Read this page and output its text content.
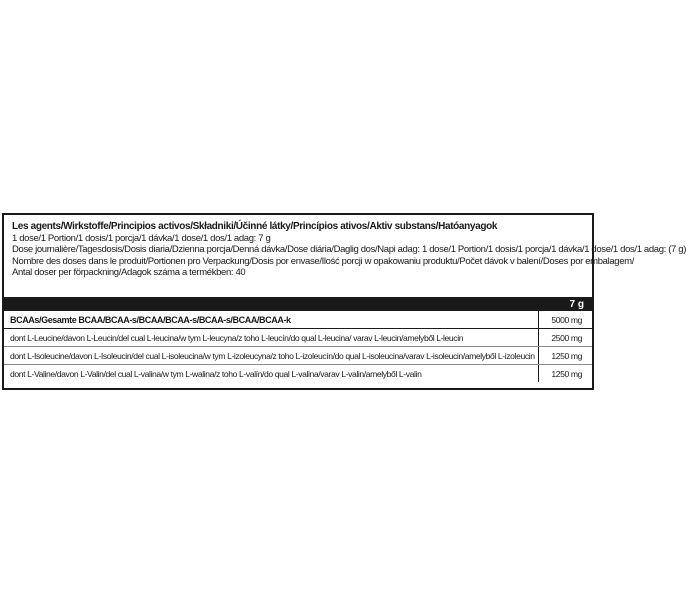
Les agents/Wirkstoffe/Principios activos/Składniki/Účinné látky/Princípios ativos/Aktiv substans/Hatóanyagok
1 dose/1 Portion/1 dosis/1 porcja/1 dávka/1 dose/1 dos/1 adag: 7 g
Dose journalière/Tagesdosis/Dosis diaria/Dzienna porcja/Denná dávka/Dose diária/Daglig dos/Napi adag: 1 dose/1 Portion/1 dosis/1 porcja/1 dávka/1 dose/1 dos/1 adag: (7 g)
Nombre des doses dans le produit/Portionen pro Verpackung/Dosis por envase/Ilość porcji w opakowaniu produktu/Počet dávok v balení/Doses por embalagem/
Antal doser per förpackning/Adagok száma a termékben: 40
7 g
BCAAs/Gesamte BCAA/BCAA-s/BCAA/BCAA-s/BCAA-s/BCAA/BCAA-k	5000 mg
dont L-Leucine/davon L-Leucin/del cual L-leucina/w tym L-leucyna/z toho L-leucín/do qual L-leucina/ varav L-leucin/amelyből L-leucin	2500 mg
dont L-Isoleucine/davon L-Isoleucin/del cual L-isoleucina/w tym L-izoleucyna/z toho L-izoleucín/do qual L-isoleucina/varav L-isoleucin/amelyből L-izoleucin	1250 mg
dont L-Valine/davon L-Valin/del cual L-valina/w tym L-walina/z toho L-valín/do qual L-valina/varav L-valin/amelyből L-valin	1250 mg
